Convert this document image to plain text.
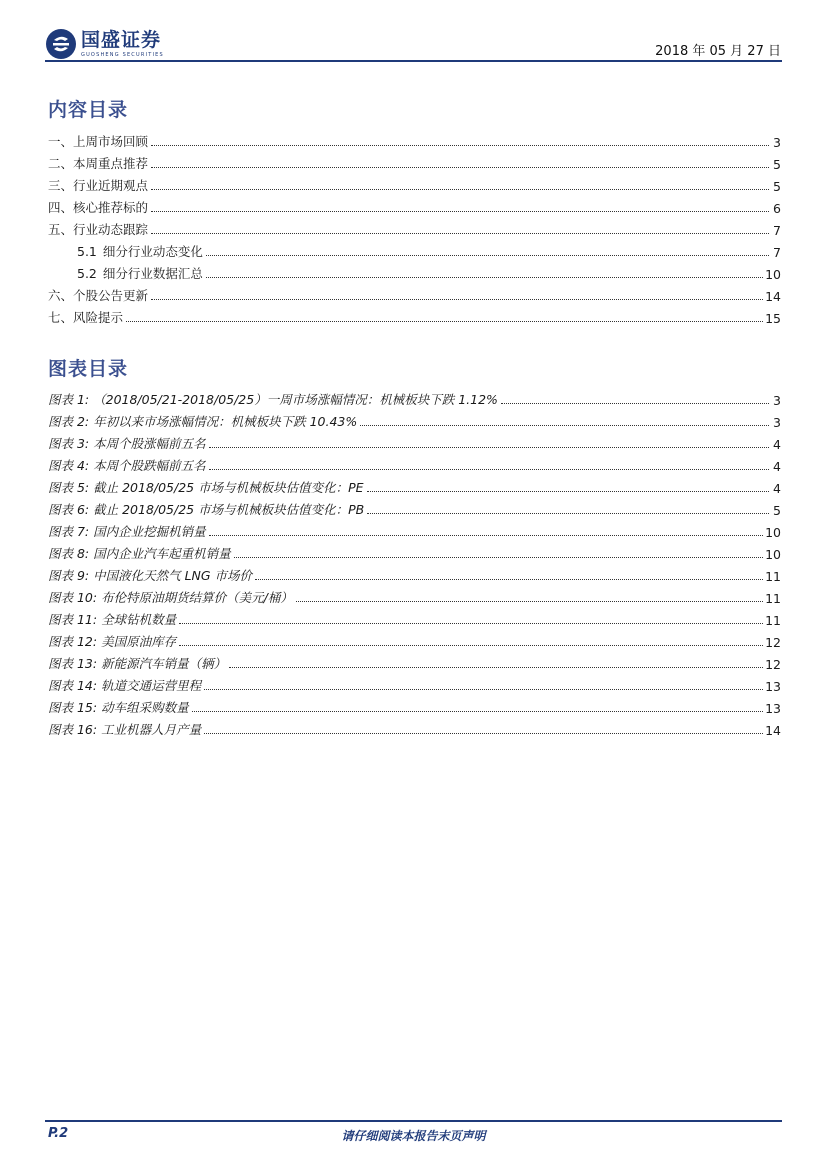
国盛证券
GUOSHENG SECURITIES	2018 年 05 月 27 日
内容目录
一、上周市场回顾	3
二、本周重点推荐	5
三、行业近期观点	5
四、核心推荐标的	6
五、行业动态跟踪	7
5.1 细分行业动态变化	7
5.2 细分行业数据汇总	10
六、个股公告更新	14
七、风险提示	15
图表目录
图表 1: （2018/05/21-2018/05/25）一周市场涨幅情况：机械板块下跌 1.12%	3
图表 2: 年初以来市场涨幅情况：机械板块下跌 10.43%	3
图表 3: 本周个股涨幅前五名	4
图表 4: 本周个股跌幅前五名	4
图表 5: 截止 2018/05/25 市场与机械板块估值变化：PE	4
图表 6: 截止 2018/05/25 市场与机械板块估值变化：PB	5
图表 7: 国内企业挖掘机销量	10
图表 8: 国内企业汽车起重机销量	10
图表 9: 中国液化天然气 LNG 市场价	11
图表 10: 布伦特原油期货结算价（美元/桶）	11
图表 11: 全球钻机数量	11
图表 12: 美国原油库存	12
图表 13: 新能源汽车销量（辆）	12
图表 14: 轨道交通运营里程	13
图表 15: 动车组采购数量	13
图表 16: 工业机器人月产量	14
P.2	请仔细阅读本报告末页声明
